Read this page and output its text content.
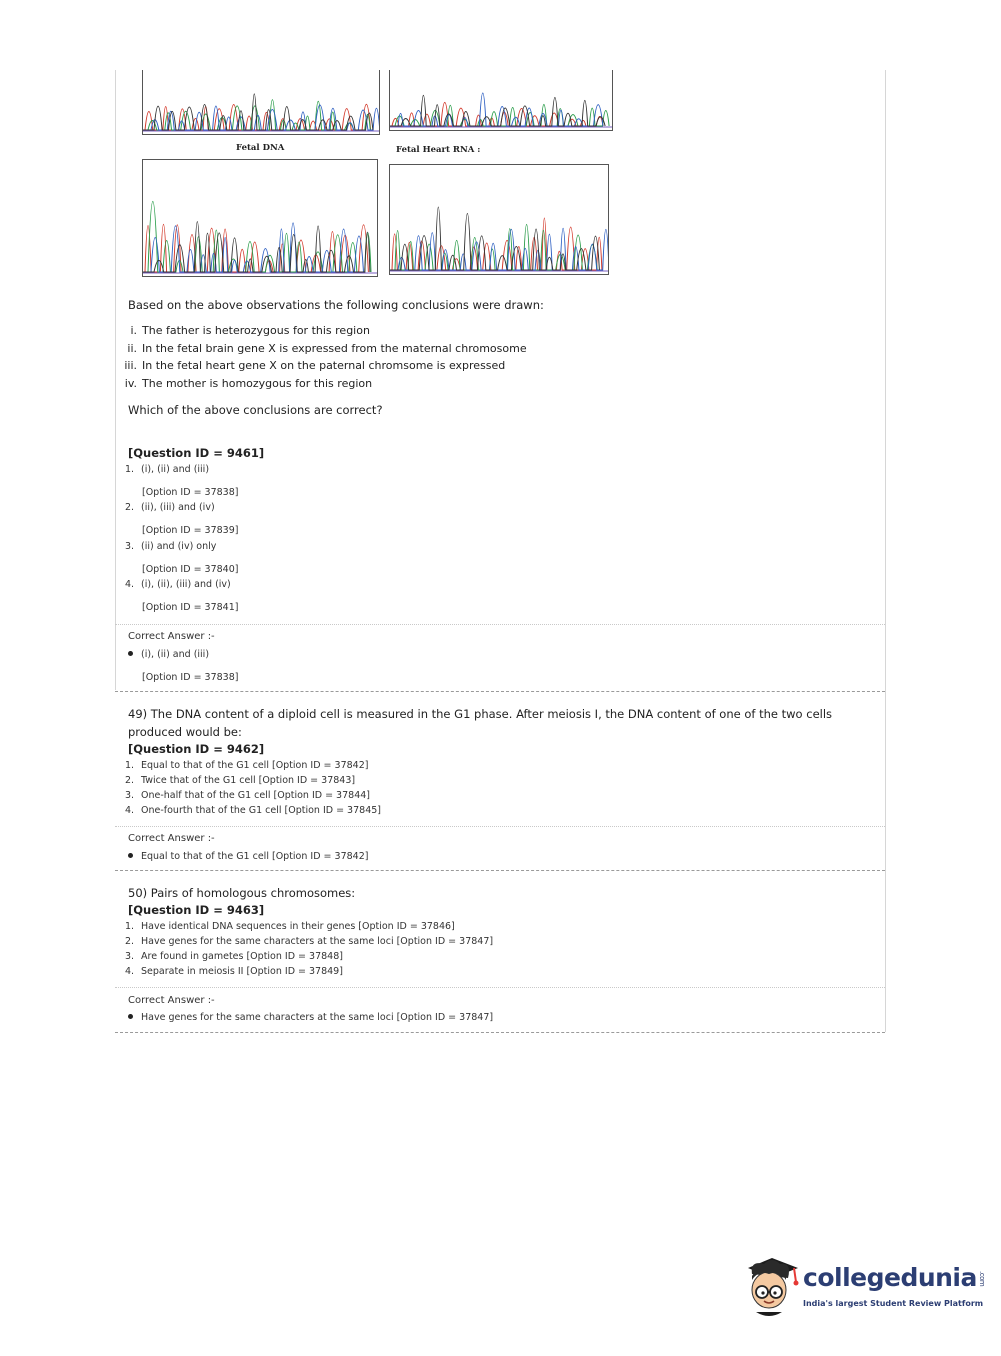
Fetal DNA	Fetal Heart RNA :
Based on the above observations the following conclusions were drawn:
i. The father is heterozygous for this region
ii. In the fetal brain gene X is expressed from the maternal chromosome
iii. In the fetal heart gene X on the paternal chromsome is expressed
iv. The mother is homozygous for this region
Which of the above conclusions are correct?
[Question ID = 9461]
1. (i), (ii) and (iii)
[Option ID = 37838]
2. (ii), (iii) and (iv)
[Option ID = 37839]
3. (ii) and (iv) only
[Option ID = 37840]
4. (i), (ii), (iii) and (iv)
[Option ID = 37841]
Correct Answer :-
(i), (ii) and (iii)
[Option ID = 37838]
49) The DNA content of a diploid cell is measured in the G1 phase. After meiosis I, the DNA content of one of the two cells
produced would be:
[Question ID = 9462]
1. Equal to that of the G1 cell [Option ID = 37842]
2. Twice that of the G1 cell [Option ID = 37843]
3. One-half that of the G1 cell [Option ID = 37844]
4. One-fourth that of the G1 cell [Option ID = 37845]
Correct Answer :-
Equal to that of the G1 cell [Option ID = 37842]
50) Pairs of homologous chromosomes:
[Question ID = 9463]
1. Have identical DNA sequences in their genes [Option ID = 37846]
2. Have genes for the same characters at the same loci [Option ID = 37847]
3. Are found in gametes [Option ID = 37848]
4. Separate in meiosis II [Option ID = 37849]
Correct Answer :-
Have genes for the same characters at the same loci [Option ID = 37847]
collegedunia.com
India's largest Student Review Platform
